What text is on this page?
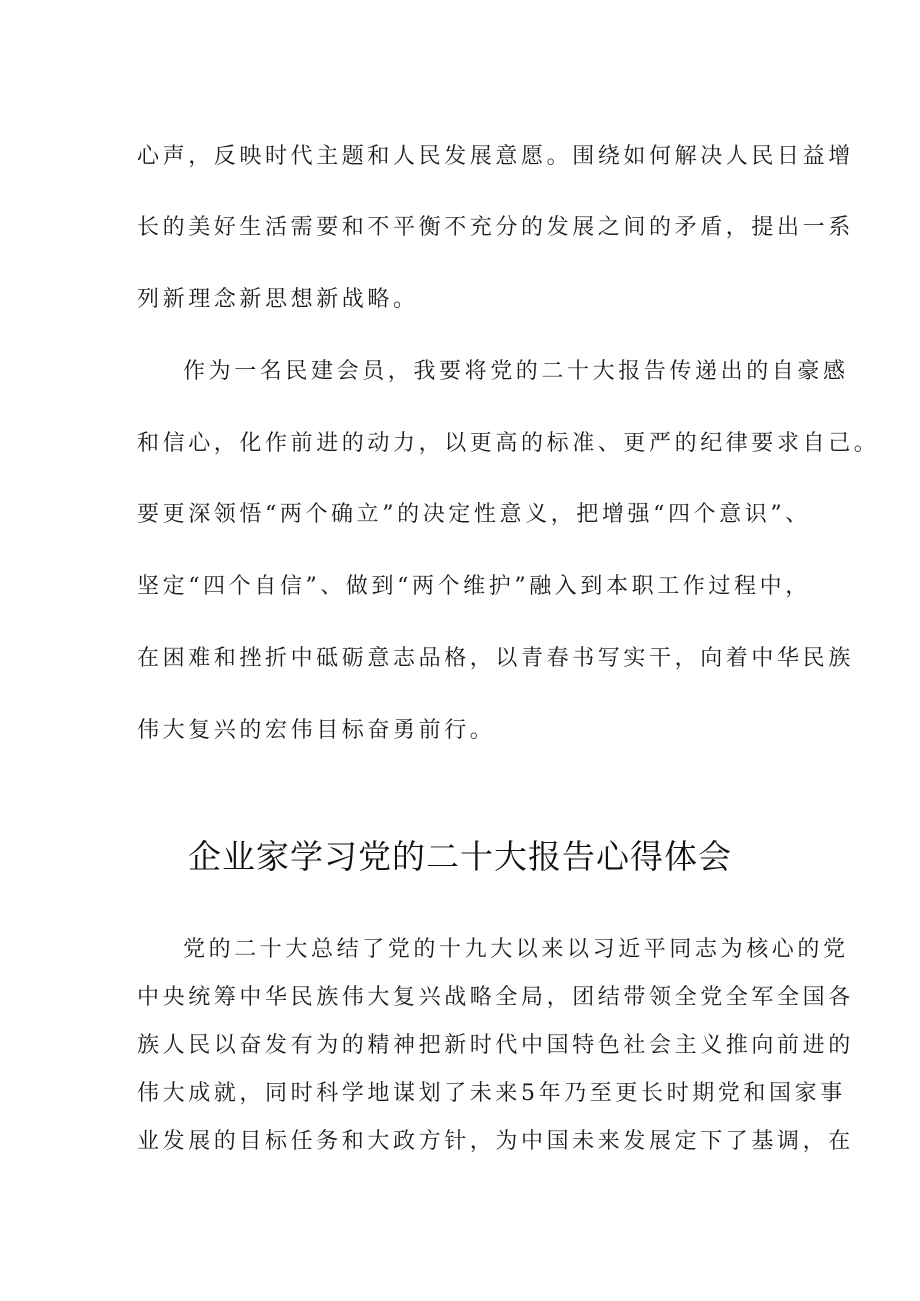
心声，反映时代主题和人民发展意愿。围绕如何解决人民日益增
长的美好生活需要和不平衡不充分的发展之间的矛盾，提出一系
列新理念新思想新战略。
作为一名民建会员，我要将党的二十大报告传递出的自豪感
和信心，化作前进的动力，以更高的标准、更严的纪律要求自己。
要更深领悟“两个确立”的决定性意义，把增强“四个意识”、
坚定“四个自信”、做到“两个维护”融入到本职工作过程中，
在困难和挫折中砥砺意志品格，以青春书写实干，向着中华民族
伟大复兴的宏伟目标奋勇前行。
企业家学习党的二十大报告心得体会
党的二十大总结了党的十九大以来以习近平同志为核心的党
中央统筹中华民族伟大复兴战略全局，团结带领全党全军全国各
族人民以奋发有为的精神把新时代中国特色社会主义推向前进的
伟大成就，同时科学地谋划了未来5年乃至更长时期党和国家事
业发展的目标任务和大政方针，为中国未来发展定下了基调，在
